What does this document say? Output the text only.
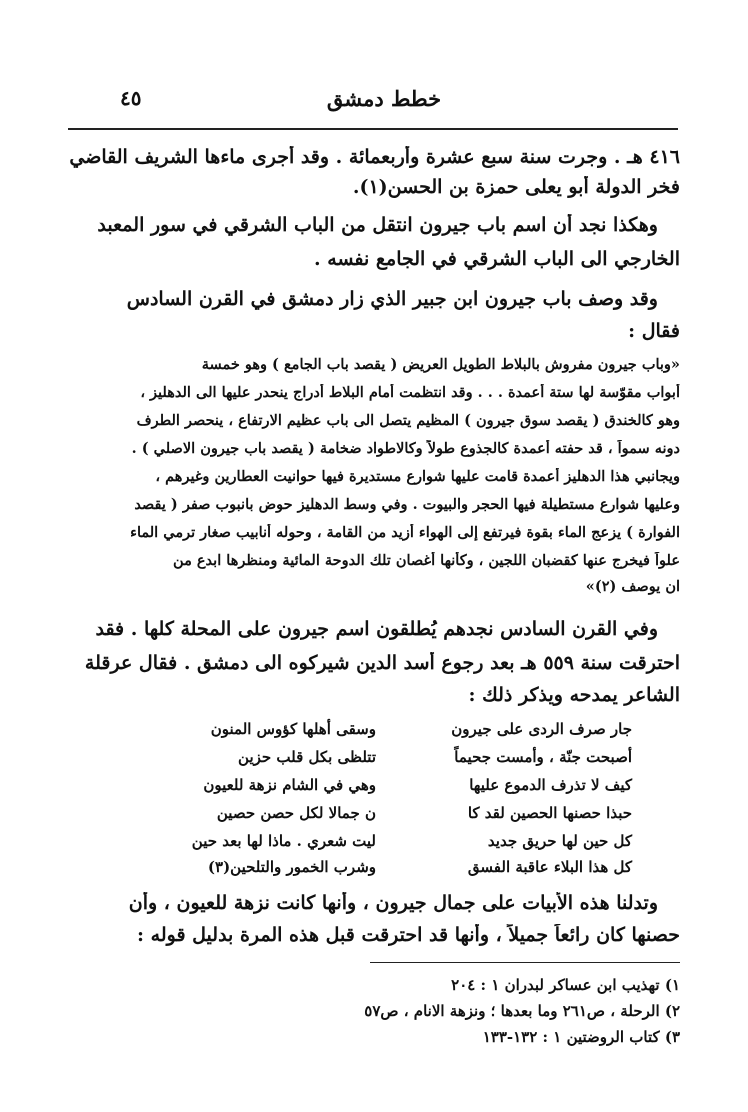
٤٥	خطط دمشق
٤١٦ هـ . وجرت سنة سبع عشرة وأربعمائة . وقد أجرى ماءها الشريف القاضي
فخر الدولة أبو يعلى حمزة بن الحسن(١).
وهكذا نجد أن اسم باب جيرون انتقل من الباب الشرقي في سور المعبد
الخارجي الى الباب الشرقي في الجامع نفسه .
وقد وصف باب جيرون ابن جبير الذي زار دمشق في القرن السادس
فقال :
«وباب جيرون مفروش بالبلاط الطويل العريض ( يقصد باب الجامع ) وهو خمسة
أبواب مقوّسة لها ستة أعمدة . . . وقد انتظمت أمام البلاط أدراج ينحدر عليها الى الدهليز ،
وهو كالخندق ( يقصد سوق جيرون ) المظيم يتصل الى باب عظيم الارتفاع ، ينحصر الطرف
دونه سمواً ، قد حفته أعمدة كالجذوع طولاً وكالاطواد ضخامة ( يقصد باب جيرون الاصلي ) .
ويجانبي هذا الدهليز أعمدة قامت عليها شوارع مستديرة فيها حوانيت العطارين وغيرهم ،
وعليها شوارع مستطيلة فيها الحجر والبيوت . وفي وسط الدهليز حوض بانبوب صفر ( يقصد
الفوارة ) يزعج الماء بقوة فيرتفع إلى الهواء أزيد من القامة ، وحوله أنابيب صغار ترمي الماء
علواً فيخرج عنها كقضبان اللجين ، وكأنها أغصان تلك الدوحة المائية ومنظرها ابدع من
ان يوصف (٢)»
وفي القرن السادس نجدهم يُطلقون اسم جيرون على المحلة كلها . فقد
احترقت سنة ٥٥٩ هـ بعد رجوع أسد الدين شيركوه الى دمشق . فقال عرقلة
الشاعر يمدحه ويذكر ذلك :
جار صرف الردى على جيرون
وسقى أهلها كؤوس المنون
أصبحت جنّة ، وأمست جحيماً
تتلظى بكل قلب حزين
كيف لا تذرف الدموع عليها
وهي في الشام نزهة للعيون
حبذا حصنها الحصين لقد كا
ن جمالا لكل حصن حصين
كل حين لها حريق جديد
ليت شعري . ماذا لها بعد حين
كل هذا البلاء عاقبة الفسق
وشرب الخمور والتلحين(٣)
وتدلنا هذه الأبيات على جمال جيرون ، وأنها كانت نزهة للعيون ، وأن
حصنها كان رائعاً جميلاً ، وأنها قد احترقت قبل هذه المرة بدليل قوله :
١) تهذيب ابن عساكر لبدران ١ : ٢٠٤
٢) الرحلة ، ص٢٦١ وما بعدها ؛ ونزهة الانام ، ص٥٧
٣) كتاب الروضتين ١ : ١٣٢-١٣٣
